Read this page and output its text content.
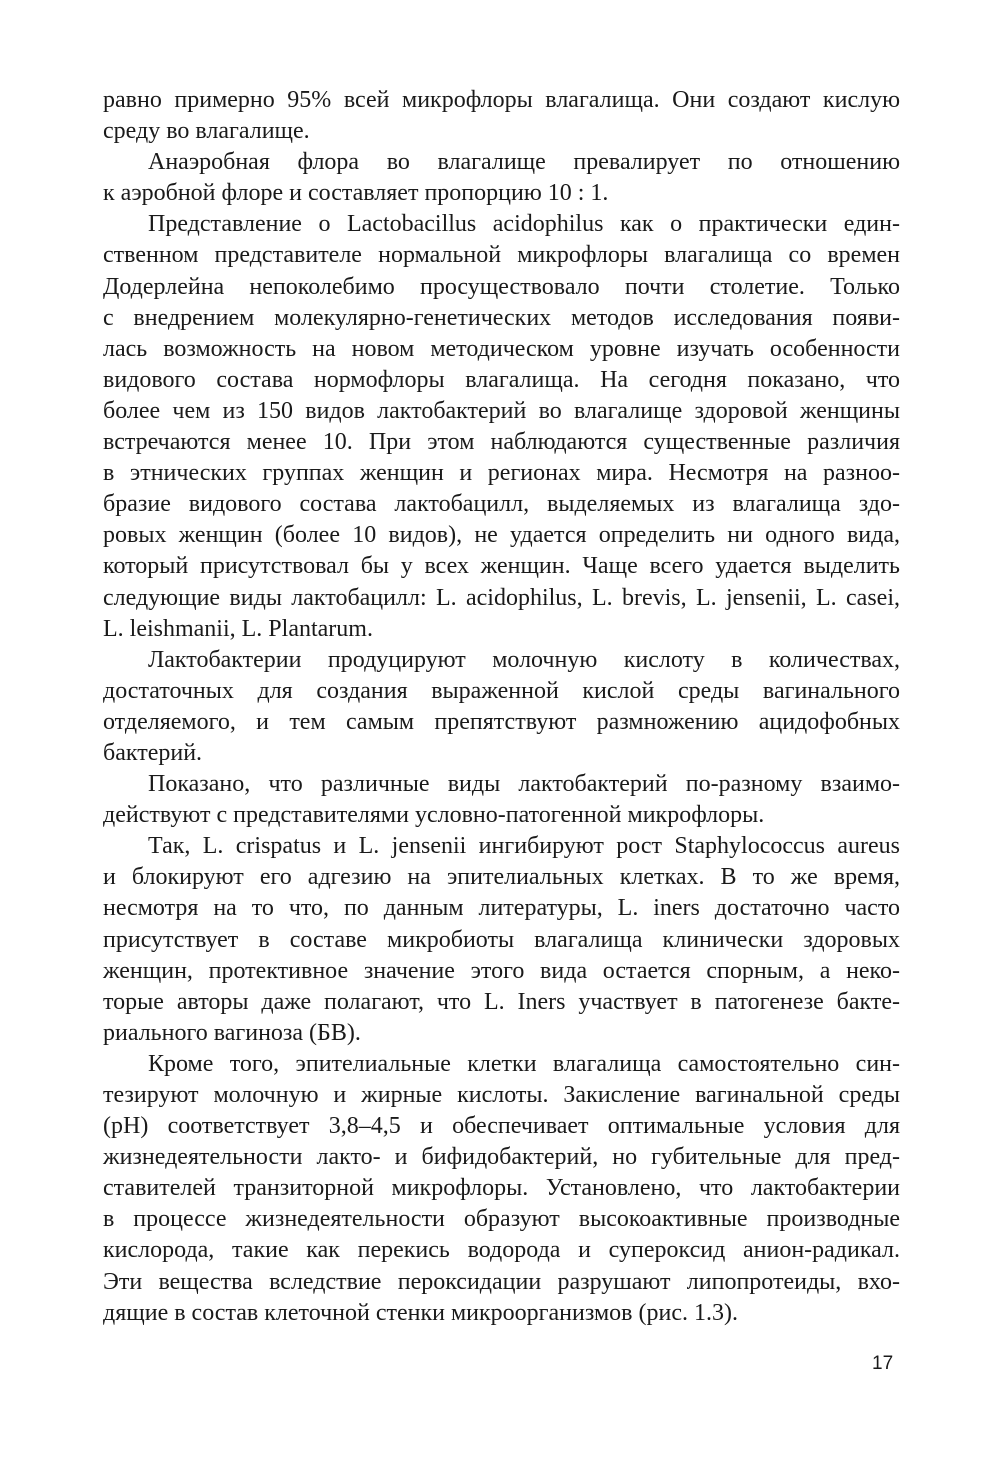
равно примерно 95% всей микрофлоры влагалища. Они создают кислую
среду во влагалище.
Анаэробная флора во влагалище превалирует по отношению
к аэробной флоре и составляет пропорцию 10 : 1.
Представление о Lactobacillus acidophilus как о практически един-
ственном представителе нормальной микрофлоры влагалища со времен
Додерлейна непоколебимо просуществовало почти столетие. Только
с внедрением молекулярно-генетических методов исследования появи-
лась возможность на новом методическом уровне изучать особенности
видового состава нормофлоры влагалища. На сегодня показано, что
более чем из 150 видов лактобактерий во влагалище здоровой женщины
встречаются менее 10. При этом наблюдаются существенные различия
в этнических группах женщин и регионах мира. Несмотря на разноо-
бразие видового состава лактобацилл, выделяемых из влагалища здо-
ровых женщин (более 10 видов), не удается определить ни одного вида,
который присутствовал бы у всех женщин. Чаще всего удается выделить
следующие виды лактобацилл: L. acidophilus, L. brevis, L. jensenii, L. casei,
L. leishmanii, L. Plantarum.
Лактобактерии продуцируют молочную кислоту в количествах,
достаточных для создания выраженной кислой среды вагинального
отделяемого, и тем самым препятствуют размножению ацидофобных
бактерий.
Показано, что различные виды лактобактерий по-разному взаимо-
действуют с представителями условно-патогенной микрофлоры.
Так, L. crispatus и L. jensenii ингибируют рост Staphylococcus aureus
и блокируют его адгезию на эпителиальных клетках. В то же время,
несмотря на то что, по данным литературы, L. iners достаточно часто
присутствует в составе микробиоты влагалища клинически здоровых
женщин, протективное значение этого вида остается спорным, а неко-
торые авторы даже полагают, что L. Iners участвует в патогенезе бакте-
риального вагиноза (БВ).
Кроме того, эпителиальные клетки влагалища самостоятельно син-
тезируют молочную и жирные кислоты. Закисление вагинальной среды
(pH) соответствует 3,8–4,5 и обеспечивает оптимальные условия для
жизнедеятельности лакто- и бифидобактерий, но губительные для пред-
ставителей транзиторной микрофлоры. Установлено, что лактобактерии
в процессе жизнедеятельности образуют высокоактивные производные
кислорода, такие как перекись водорода и супероксид анион-радикал.
Эти вещества вследствие пероксидации разрушают липопротеиды, вхо-
дящие в состав клеточной стенки микроорганизмов (рис. 1.3).
17
